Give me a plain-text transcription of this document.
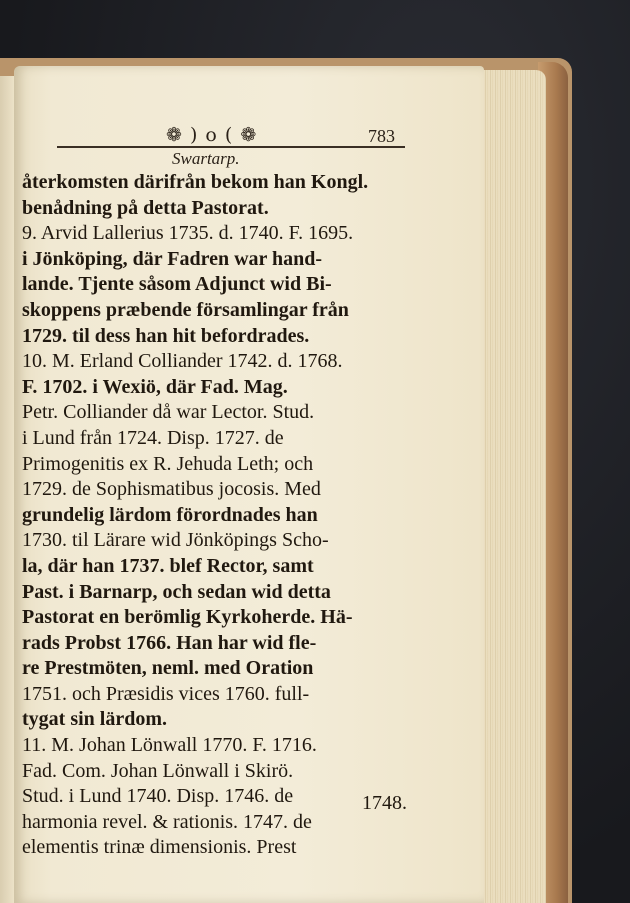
❁ ) o ( ❁	783
Swartarp.
återkomsten därifrån bekom han Kongl.
benådning på detta Pastorat.
9. Arvid Lallerius 1735. d. 1740. F. 1695.
i Jönköping, där Fadren war hand-
lande. Tjente såsom Adjunct wid Bi-
skoppens præbende församlingar från
1729. til dess han hit befordrades.
10. M. Erland Colliander 1742. d. 1768.
F. 1702. i Wexiö, där Fad. Mag.
Petr. Colliander då war Lector. Stud.
i Lund från 1724. Disp. 1727. de
Primogenitis ex R. Jehuda Leth; och
1729. de Sophismatibus jocosis. Med
grundelig lärdom förordnades han
1730. til Lärare wid Jönköpings Scho-
la, där han 1737. blef Rector, samt
Past. i Barnarp, och sedan wid detta
Pastorat en berömlig Kyrkoherde. Hä-
rads Probst 1766. Han har wid fle-
re Prestmöten, neml. med Oration
1751. och Præsidis vices 1760. full-
tygat sin lärdom.
11. M. Johan Lönwall 1770. F. 1716.
Fad. Com. Johan Lönwall i Skirö.
Stud. i Lund 1740. Disp. 1746. de
harmonia revel. & rationis. 1747. de
elementis trinæ dimensionis. Prest
1748.
